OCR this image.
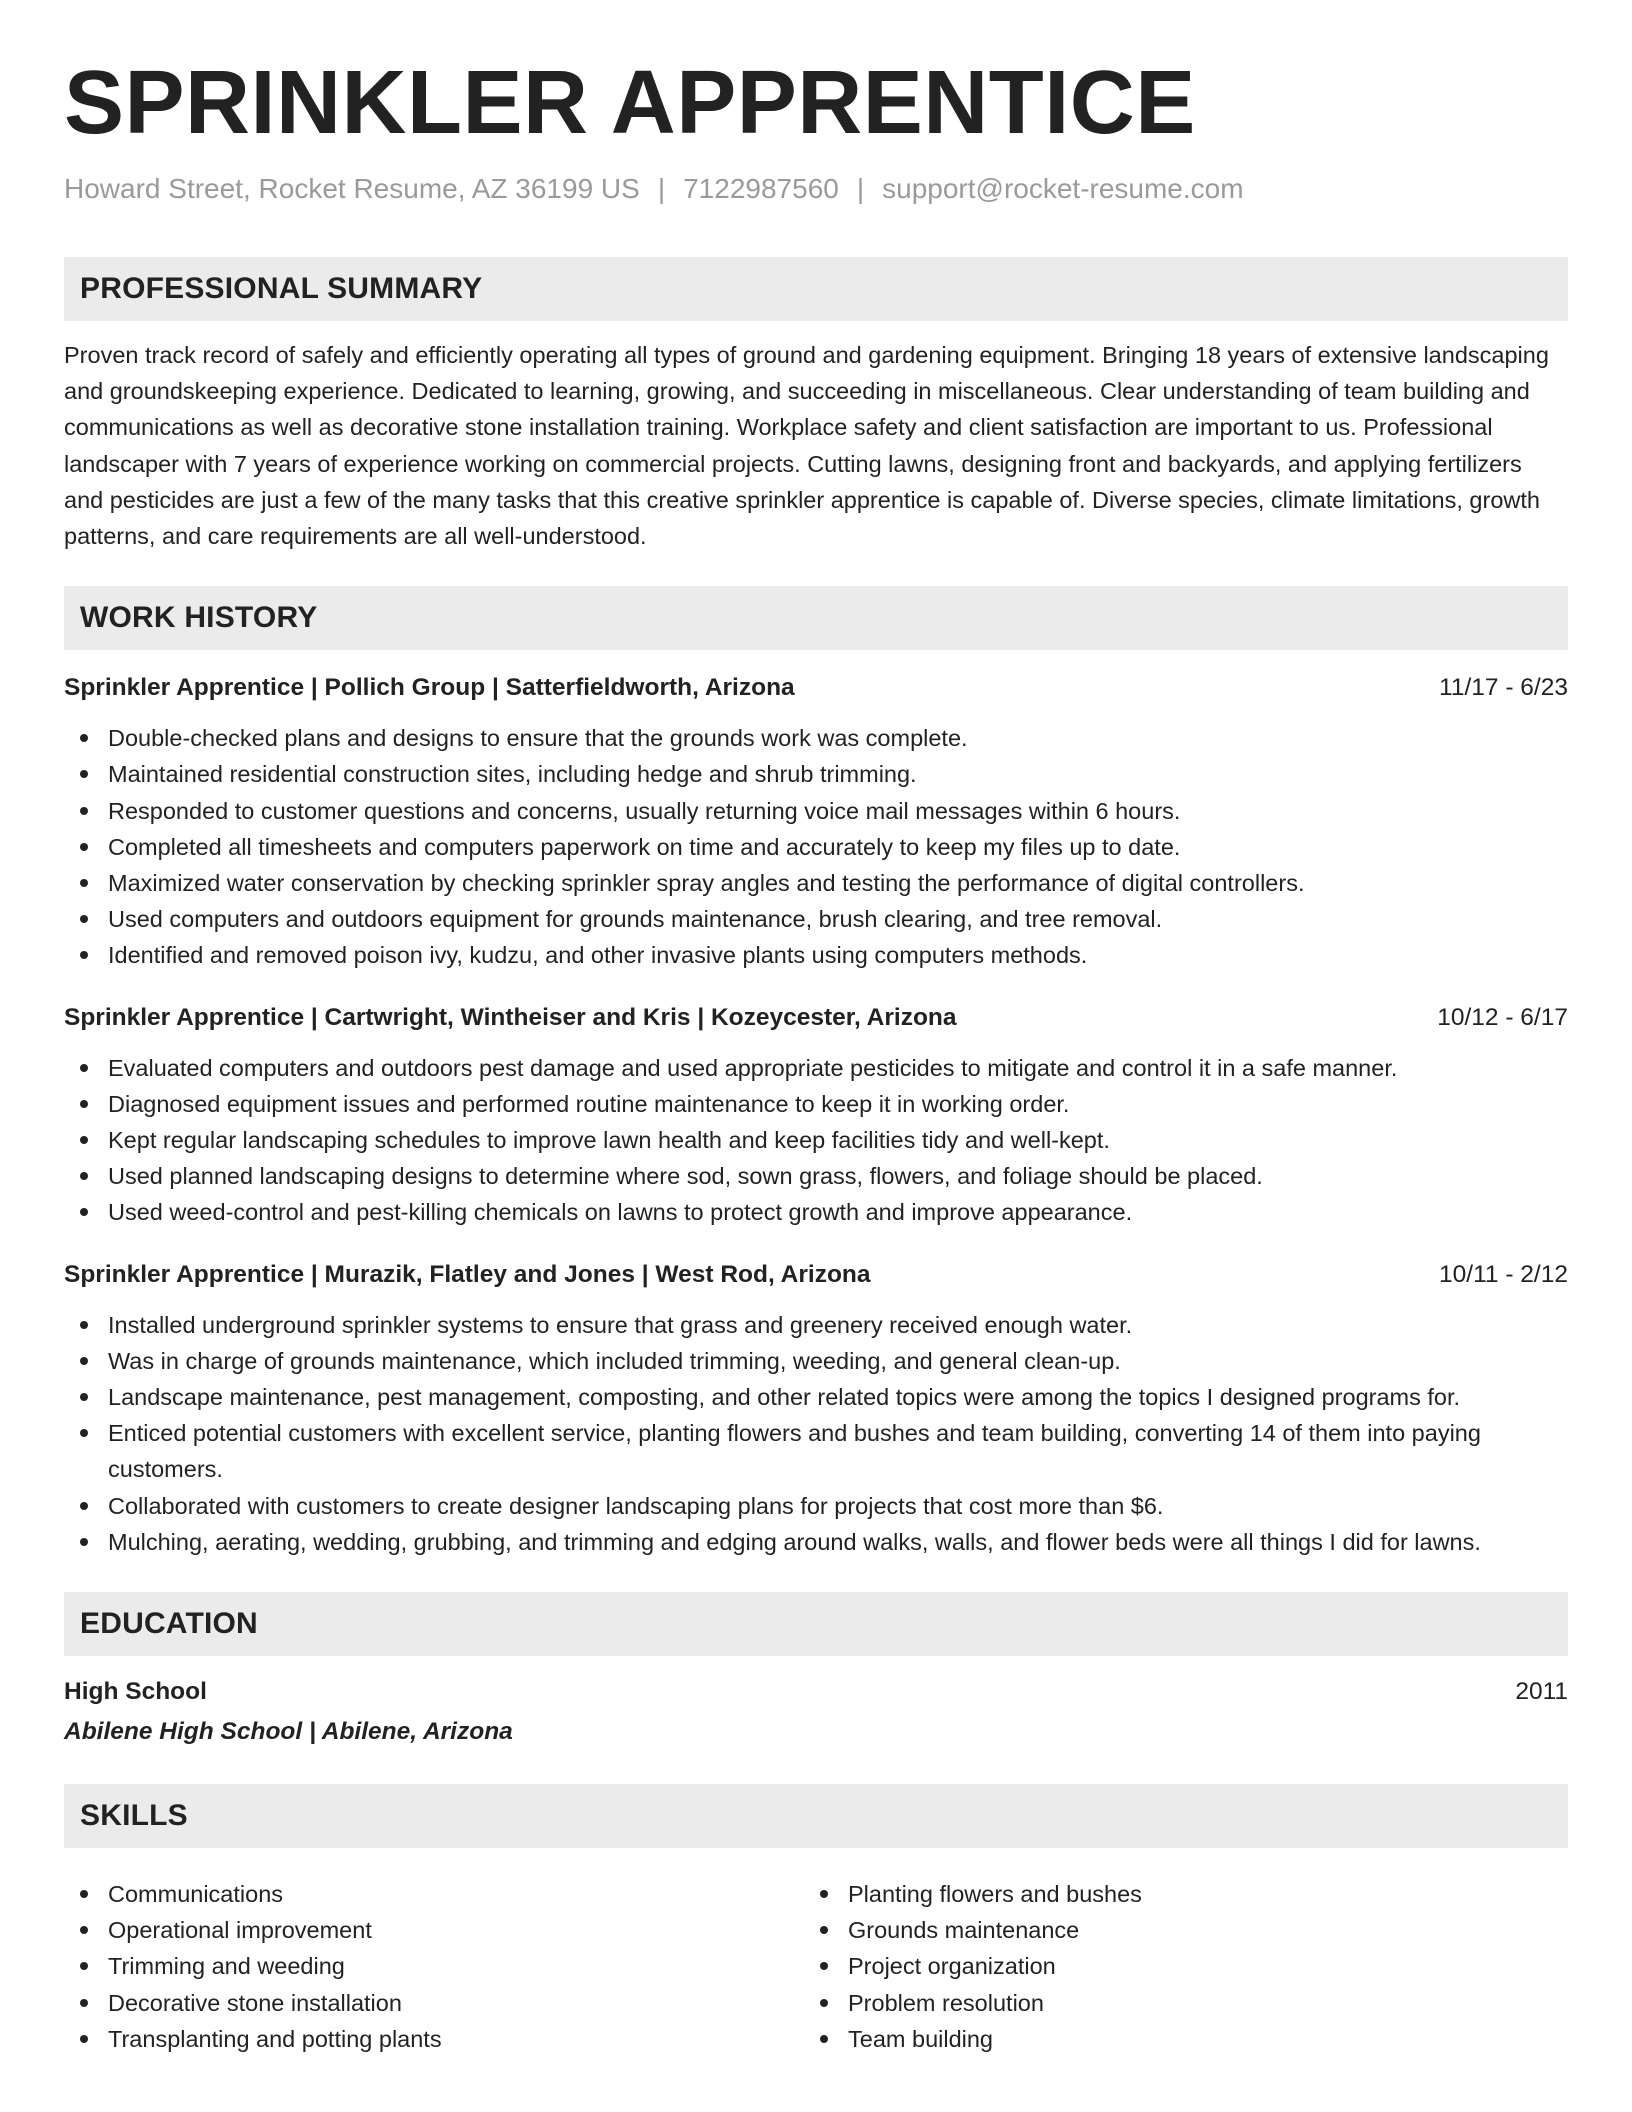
SPRINKLER APPRENTICE
Howard Street, Rocket Resume, AZ 36199 US | 7122987560 | support@rocket-resume.com
PROFESSIONAL SUMMARY

Proven track record of safely and efficiently operating all types of ground and gardening equipment. Bringing 18 years of extensive landscaping and groundskeeping experience. Dedicated to learning, growing, and succeeding in miscellaneous. Clear understanding of team building and communications as well as decorative stone installation training. Workplace safety and client satisfaction are important to us. Professional landscaper with 7 years of experience working on commercial projects. Cutting lawns, designing front and backyards, and applying fertilizers and pesticides are just a few of the many tasks that this creative sprinkler apprentice is capable of. Diverse species, climate limitations, growth patterns, and care requirements are all well-understood.

WORK HISTORY
Sprinkler Apprentice | Pollich Group | Satterfieldworth, Arizona	11/17 - 6/23
Double-checked plans and designs to ensure that the grounds work was complete.
Maintained residential construction sites, including hedge and shrub trimming.
Responded to customer questions and concerns, usually returning voice mail messages within 6 hours.
Completed all timesheets and computers paperwork on time and accurately to keep my files up to date.
Maximized water conservation by checking sprinkler spray angles and testing the performance of digital controllers.
Used computers and outdoors equipment for grounds maintenance, brush clearing, and tree removal.
Identified and removed poison ivy, kudzu, and other invasive plants using computers methods.
Sprinkler Apprentice | Cartwright, Wintheiser and Kris | Kozeycester, Arizona	10/12 - 6/17
Evaluated computers and outdoors pest damage and used appropriate pesticides to mitigate and control it in a safe manner.
Diagnosed equipment issues and performed routine maintenance to keep it in working order.
Kept regular landscaping schedules to improve lawn health and keep facilities tidy and well-kept.
Used planned landscaping designs to determine where sod, sown grass, flowers, and foliage should be placed.
Used weed-control and pest-killing chemicals on lawns to protect growth and improve appearance.
Sprinkler Apprentice | Murazik, Flatley and Jones | West Rod, Arizona	10/11 - 2/12
Installed underground sprinkler systems to ensure that grass and greenery received enough water.
Was in charge of grounds maintenance, which included trimming, weeding, and general clean-up.
Landscape maintenance, pest management, composting, and other related topics were among the topics I designed programs for.
Enticed potential customers with excellent service, planting flowers and bushes and team building, converting 14 of them into paying customers.
Collaborated with customers to create designer landscaping plans for projects that cost more than $6.
Mulching, aerating, wedding, grubbing, and trimming and edging around walks, walls, and flower beds were all things I did for lawns.
EDUCATION
High School	2011
Abilene High School | Abilene, Arizona
SKILLS
Communications
Operational improvement
Trimming and weeding
Decorative stone installation
Transplanting and potting plants
Planting flowers and bushes
Grounds maintenance
Project organization
Problem resolution
Team building
